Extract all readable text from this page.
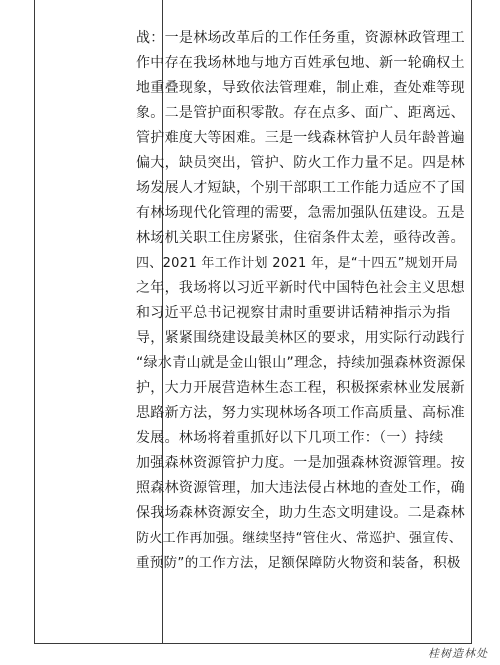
战：一是林场改革后的工作任务重，资源林政管理工
作中存在我场林地与地方百姓承包地、新一轮确权土
地重叠现象，导致依法管理难，制止难，查处难等现
象。二是管护面积零散。存在点多、面广、距离远、
管护难度大等困难。三是一线森林管护人员年龄普遍
偏大，缺员突出，管护、防火工作力量不足。四是林
场发展人才短缺，个别干部职工工作能力适应不了国
有林场现代化管理的需要，急需加强队伍建设。五是
林场机关职工住房紧张，住宿条件太差，亟待改善。
四、2021 年工作计划 2021 年，是“十四五”规划开局
之年，我场将以习近平新时代中国特色社会主义思想
和习近平总书记视察甘肃时重要讲话精神指示为指
导，紧紧围绕建设最美林区的要求，用实际行动践行
“绿水青山就是金山银山”理念，持续加强森林资源保
护，大力开展营造林生态工程，积极探索林业发展新
思路新方法，努力实现林场各项工作高质量、高标准
发展。林场将着重抓好以下几项工作：（一）持续
加强森林资源管护力度。一是加强森林资源管理。按
照森林资源管理，加大违法侵占林地的查处工作，确
保我场森林资源安全，助力生态文明建设。二是森林
防火工作再加强。继续坚持“管住火、常巡护、强宣传、
重预防”的工作方法，足额保障防火物资和装备，积极
桂树造林处
